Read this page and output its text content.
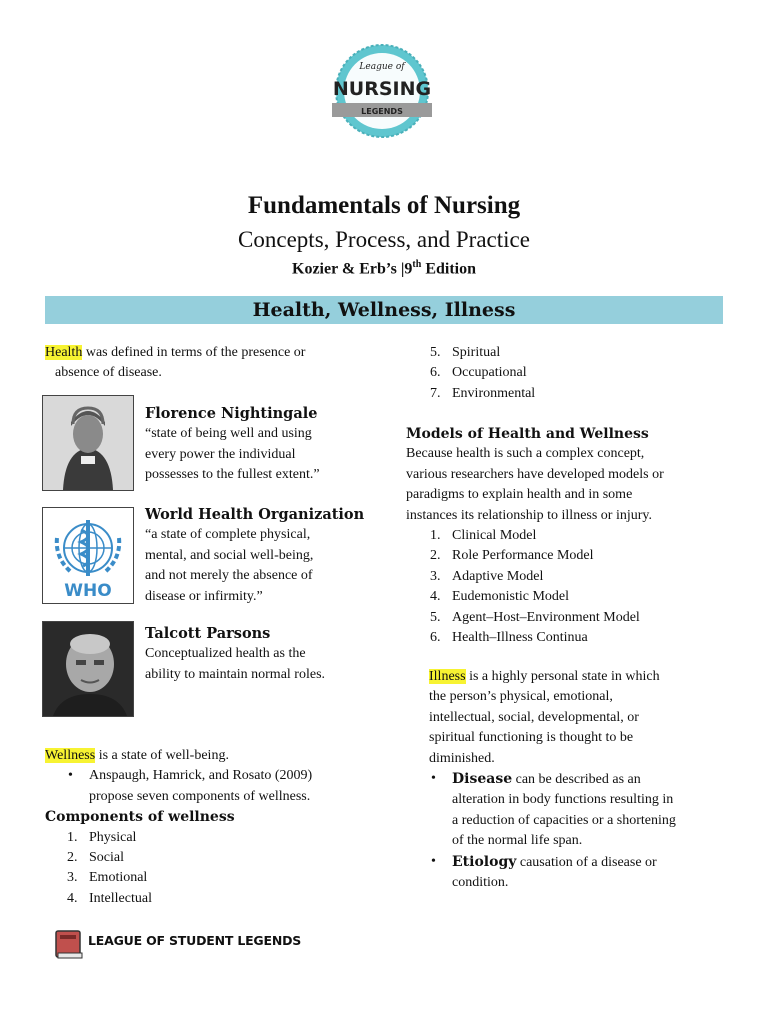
League of
NURSING
LEGENDS
Fundamentals of Nursing
Concepts, Process, and Practice
Kozier & Erb’s |9th Edition
Health, Wellness, Illness
Health was defined in terms of the presence or
absence of disease.
WHO
Florence Nightingale
“state of being well and using
every power the individual
possesses to the fullest extent.”
World Health Organization
“a state of complete physical,
mental, and social well-being,
and not merely the absence of
disease or infirmity.”
Talcott Parsons
Conceptualized health as the
ability to maintain normal roles.
Wellness is a state of well-being.
• Anspaugh, Hamrick, and Rosato (2009)
propose seven components of wellness.
Components of wellness
1. Physical
2. Social
3. Emotional
4. Intellectual
LEAGUE OF STUDENT LEGENDS
5. Spiritual
6. Occupational
7. Environmental
Models of Health and Wellness
Because health is such a complex concept,
various researchers have developed models or
paradigms to explain health and in some
instances its relationship to illness or injury.
1. Clinical Model
2. Role Performance Model
3. Adaptive Model
4. Eudemonistic Model
5. Agent–Host–Environment Model
6. Health–Illness Continua
Illness is a highly personal state in which
the person’s physical, emotional,
intellectual, social, developmental, or
spiritual functioning is thought to be
diminished.
• Disease can be described as an
alteration in body functions resulting in
a reduction of capacities or a shortening
of the normal life span.
• Etiology causation of a disease or
condition.
